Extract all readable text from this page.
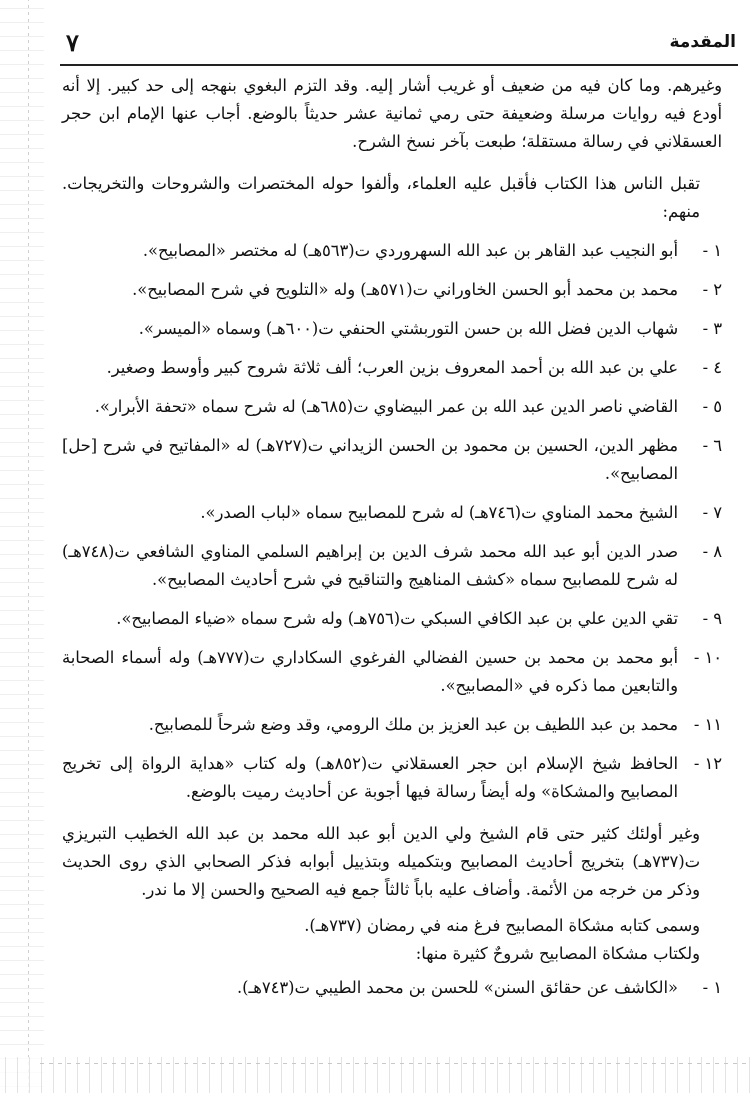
٧	المقدمة

وغيرهم. وما كان فيه من ضعيف أو غريب أشار إليه. وقد التزم البغوي بنهجه إلى حد كبير. إلا أنه أودع فيه روايات مرسلة وضعيفة حتى رمي ثمانية عشر حديثاً بالوضع. أجاب عنها الإمام ابن حجر العسقلاني في رسالة مستقلة؛ طبعت بآخر نسخ الشرح.

تقبل الناس هذا الكتاب فأقبل عليه العلماء، وألفوا حوله المختصرات والشروحات والتخريجات. منهم:

١ -
أبو النجيب عبد القاهر بن عبد الله السهروردي ت(٥٦٣هـ) له مختصر «المصابيح».
٢ -
محمد بن محمد أبو الحسن الخاوراني ت(٥٧١هـ) وله «التلويح في شرح المصابيح».
٣ -
شهاب الدين فضل الله بن حسن التوربشتي الحنفي ت(٦٠٠هـ) وسماه «الميسر».
٤ -
علي بن عبد الله بن أحمد المعروف بزين العرب؛ ألف ثلاثة شروح كبير وأوسط وصغير.
٥ -
القاضي ناصر الدين عبد الله بن عمر البيضاوي ت(٦٨٥هـ) له شرح سماه «تحفة الأبرار».
٦ -
مظهر الدين، الحسين بن محمود بن الحسن الزيداني ت(٧٢٧هـ) له «المفاتيح في شرح [حل] المصابيح».
٧ -
الشيخ محمد المناوي ت(٧٤٦هـ) له شرح للمصابيح سماه «لباب الصدر».
٨ -
صدر الدين أبو عبد الله محمد شرف الدين بن إبراهيم السلمي المناوي الشافعي ت(٧٤٨هـ) له شرح للمصابيح سماه «كشف المناهيج والتناقيح في شرح أحاديث المصابيح».
٩ -
تقي الدين علي بن عبد الكافي السبكي ت(٧٥٦هـ) وله شرح سماه «ضياء المصابيح».
١٠ -
أبو محمد بن محمد بن حسين الفضالي الفرغوي السكاداري ت(٧٧٧هـ) وله أسماء الصحابة والتابعين مما ذكره في «المصابيح».
١١ -
محمد بن عبد اللطيف بن عبد العزيز بن ملك الرومي، وقد وضع شرحاً للمصابيح.
١٢ -
الحافظ شيخ الإسلام ابن حجر العسقلاني ت(٨٥٢هـ) وله كتاب «هداية الرواة إلى تخريج المصابيح والمشكاة» وله أيضاً رسالة فيها أجوبة عن أحاديث رميت بالوضع.

وغير أولئك كثير حتى قام الشيخ ولي الدين أبو عبد الله محمد بن عبد الله الخطيب التبريزي ت(٧٣٧هـ) بتخريج أحاديث المصابيح وبتكميله وبتذييل أبوابه فذكر الصحابي الذي روى الحديث وذكر من خرجه من الأئمة. وأضاف عليه باباً ثالثاً جمع فيه الصحيح والحسن إلا ما ندر.

وسمى كتابه مشكاة المصابيح فرغ منه في رمضان (٧٣٧هـ).

ولكتاب مشكاة المصابيح شروحٌ كثيرة منها:

١ -
«الكاشف عن حقائق السنن» للحسن بن محمد الطيبي ت(٧٤٣هـ).
